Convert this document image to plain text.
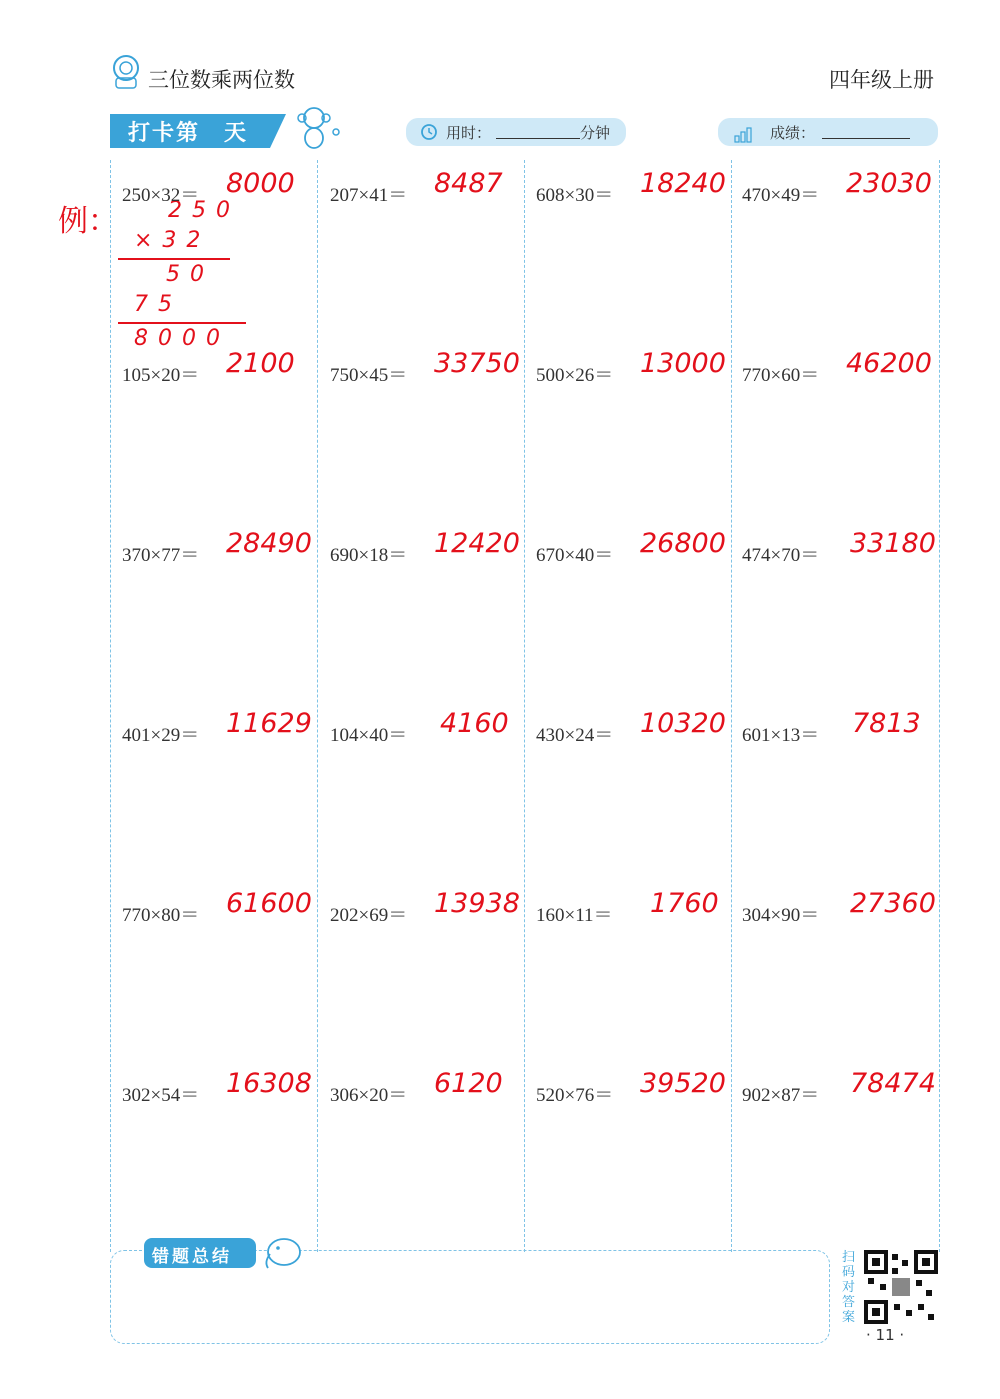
三位数乘两位数	四年级上册
打卡第　天	用时：	分钟	成绩：
例： 250
×32
50
75
8000
250×32＝ 8000
105×20＝ 2100
370×77＝ 28490
401×29＝ 11629
770×80＝ 61600
302×54＝ 16308
207×41＝ 8487
750×45＝ 33750
690×18＝ 12420
104×40＝ 4160
202×69＝ 13938
306×20＝ 6120
608×30＝ 18240
500×26＝ 13000
670×40＝ 26800
430×24＝ 10320
160×11＝ 1760
520×76＝ 39520
470×49＝ 23030
770×60＝ 46200
474×70＝ 33180
601×13＝ 7813
304×90＝ 27360
902×87＝ 78474
错题总结	扫码对答案
· 11 ·
